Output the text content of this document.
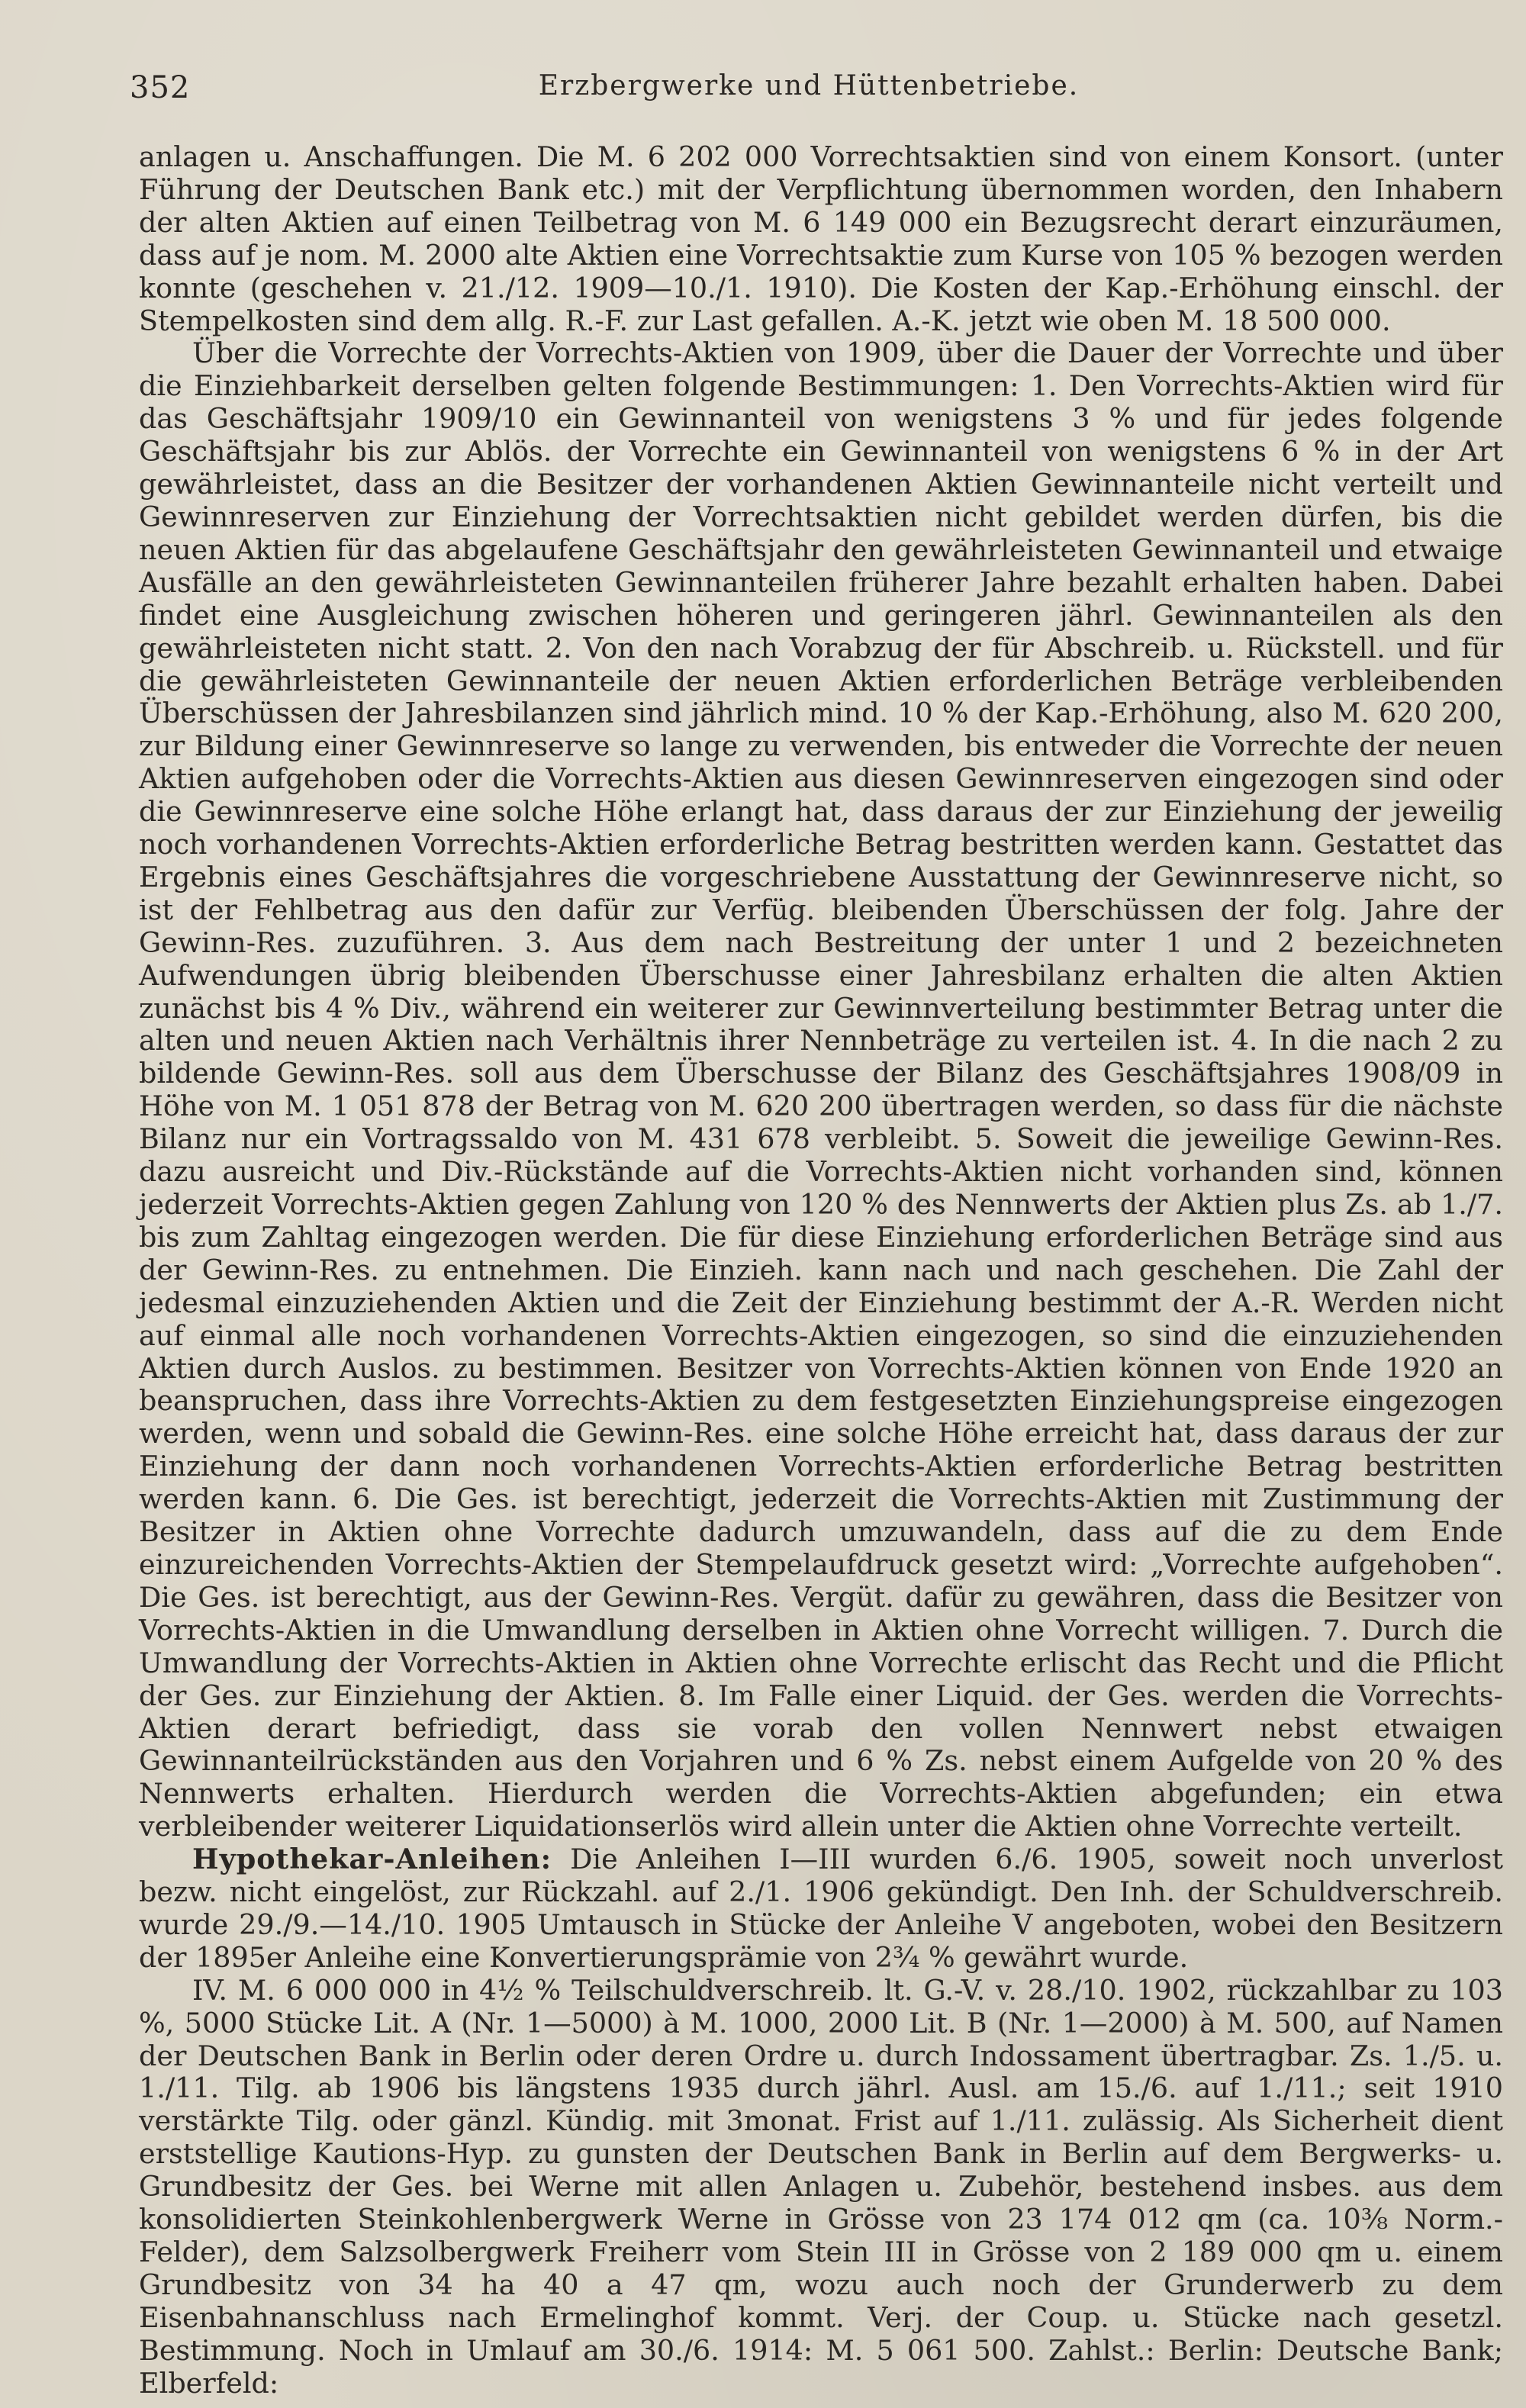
352	Erzbergwerke und Hüttenbetriebe.

anlagen u. Anschaffungen. Die M. 6 202 000 Vorrechtsaktien sind von einem Konsort. (unter Führung der Deutschen Bank etc.) mit der Verpflichtung übernommen worden, den Inhabern der alten Aktien auf einen Teilbetrag von M. 6 149 000 ein Bezugsrecht derart einzuräumen, dass auf je nom. M. 2000 alte Aktien eine Vorrechtsaktie zum Kurse von 105 % bezogen werden konnte (geschehen v. 21./12. 1909—10./1. 1910). Die Kosten der Kap.-Erhöhung einschl. der Stempelkosten sind dem allg. R.-F. zur Last gefallen. A.-K. jetzt wie oben M. 18 500 000.

Über die Vorrechte der Vorrechts-Aktien von 1909, über die Dauer der Vorrechte und über die Einziehbarkeit derselben gelten folgende Bestimmungen: 1. Den Vorrechts-Aktien wird für das Geschäftsjahr 1909/10 ein Gewinnanteil von wenigstens 3 % und für jedes folgende Geschäftsjahr bis zur Ablös. der Vorrechte ein Gewinnanteil von wenigstens 6 % in der Art gewährleistet, dass an die Besitzer der vorhandenen Aktien Gewinnanteile nicht verteilt und Gewinnreserven zur Einziehung der Vorrechtsaktien nicht gebildet werden dürfen, bis die neuen Aktien für das abgelaufene Geschäftsjahr den gewährleisteten Gewinnanteil und etwaige Ausfälle an den gewährleisteten Gewinnanteilen früherer Jahre bezahlt erhalten haben. Dabei findet eine Ausgleichung zwischen höheren und geringeren jährl. Gewinnanteilen als den gewährleisteten nicht statt. 2. Von den nach Vorabzug der für Abschreib. u. Rückstell. und für die gewährleisteten Gewinnanteile der neuen Aktien erforderlichen Beträge verbleibenden Überschüssen der Jahresbilanzen sind jährlich mind. 10 % der Kap.-Erhöhung, also M. 620 200, zur Bildung einer Gewinnreserve so lange zu verwenden, bis entweder die Vorrechte der neuen Aktien aufgehoben oder die Vorrechts-Aktien aus diesen Gewinnreserven eingezogen sind oder die Gewinnreserve eine solche Höhe erlangt hat, dass daraus der zur Einziehung der jeweilig noch vorhandenen Vorrechts-Aktien erforderliche Betrag bestritten werden kann. Gestattet das Ergebnis eines Geschäftsjahres die vorgeschriebene Ausstattung der Gewinnreserve nicht, so ist der Fehlbetrag aus den dafür zur Verfüg. bleibenden Überschüssen der folg. Jahre der Gewinn-Res. zuzuführen. 3. Aus dem nach Bestreitung der unter 1 und 2 bezeichneten Aufwendungen übrig bleibenden Überschusse einer Jahresbilanz erhalten die alten Aktien zunächst bis 4 % Div., während ein weiterer zur Gewinnverteilung bestimmter Betrag unter die alten und neuen Aktien nach Verhältnis ihrer Nennbeträge zu verteilen ist. 4. In die nach 2 zu bildende Gewinn-Res. soll aus dem Überschusse der Bilanz des Geschäftsjahres 1908/09 in Höhe von M. 1 051 878 der Betrag von M. 620 200 übertragen werden, so dass für die nächste Bilanz nur ein Vortragssaldo von M. 431 678 verbleibt. 5. Soweit die jeweilige Gewinn-Res. dazu ausreicht und Div.-Rückstände auf die Vorrechts-Aktien nicht vorhanden sind, können jederzeit Vorrechts-Aktien gegen Zahlung von 120 % des Nennwerts der Aktien plus Zs. ab 1./7. bis zum Zahltag eingezogen werden. Die für diese Einziehung erforderlichen Beträge sind aus der Gewinn-Res. zu entnehmen. Die Einzieh. kann nach und nach geschehen. Die Zahl der jedesmal einzuziehenden Aktien und die Zeit der Einziehung bestimmt der A.-R. Werden nicht auf einmal alle noch vorhandenen Vorrechts-Aktien eingezogen, so sind die einzuziehenden Aktien durch Auslos. zu bestimmen. Besitzer von Vorrechts-Aktien können von Ende 1920 an beanspruchen, dass ihre Vorrechts-Aktien zu dem festgesetzten Einziehungspreise eingezogen werden, wenn und sobald die Gewinn-Res. eine solche Höhe erreicht hat, dass daraus der zur Einziehung der dann noch vorhandenen Vorrechts-Aktien erforderliche Betrag bestritten werden kann. 6. Die Ges. ist berechtigt, jederzeit die Vorrechts-Aktien mit Zustimmung der Besitzer in Aktien ohne Vorrechte dadurch umzuwandeln, dass auf die zu dem Ende einzureichenden Vorrechts-Aktien der Stempelaufdruck gesetzt wird: „Vorrechte aufgehoben“. Die Ges. ist berechtigt, aus der Gewinn-Res. Vergüt. dafür zu gewähren, dass die Besitzer von Vorrechts-Aktien in die Umwandlung derselben in Aktien ohne Vorrecht willigen. 7. Durch die Umwandlung der Vorrechts-Aktien in Aktien ohne Vorrechte erlischt das Recht und die Pflicht der Ges. zur Einziehung der Aktien. 8. Im Falle einer Liquid. der Ges. werden die Vorrechts-Aktien derart befriedigt, dass sie vorab den vollen Nennwert nebst etwaigen Gewinnanteilrückständen aus den Vorjahren und 6 % Zs. nebst einem Aufgelde von 20 % des Nennwerts erhalten. Hierdurch werden die Vorrechts-Aktien abgefunden; ein etwa verbleibender weiterer Liquidationserlös wird allein unter die Aktien ohne Vorrechte verteilt.

Hypothekar-Anleihen: Die Anleihen I—III wurden 6./6. 1905, soweit noch unverlost bezw. nicht eingelöst, zur Rückzahl. auf 2./1. 1906 gekündigt. Den Inh. der Schuldverschreib. wurde 29./9.—14./10. 1905 Umtausch in Stücke der Anleihe V angeboten, wobei den Besitzern der 1895er Anleihe eine Konvertierungsprämie von 2³⁄₄ % gewährt wurde.

IV. M. 6 000 000 in 4½ % Teilschuldverschreib. lt. G.-V. v. 28./10. 1902, rückzahlbar zu 103 %, 5000 Stücke Lit. A (Nr. 1—5000) à M. 1000, 2000 Lit. B (Nr. 1—2000) à M. 500, auf Namen der Deutschen Bank in Berlin oder deren Ordre u. durch Indossament übertragbar. Zs. 1./5. u. 1./11. Tilg. ab 1906 bis längstens 1935 durch jährl. Ausl. am 15./6. auf 1./11.; seit 1910 verstärkte Tilg. oder gänzl. Kündig. mit 3monat. Frist auf 1./11. zulässig. Als Sicherheit dient erststellige Kautions-Hyp. zu gunsten der Deutschen Bank in Berlin auf dem Bergwerks- u. Grundbesitz der Ges. bei Werne mit allen Anlagen u. Zubehör, bestehend insbes. aus dem konsolidierten Steinkohlenbergwerk Werne in Grösse von 23 174 012 qm (ca. 10³⁄₈ Norm.-Felder), dem Salzsolbergwerk Freiherr vom Stein III in Grösse von 2 189 000 qm u. einem Grundbesitz von 34 ha 40 a 47 qm, wozu auch noch der Grunderwerb zu dem Eisenbahnanschluss nach Ermelinghof kommt. Verj. der Coup. u. Stücke nach gesetzl. Bestimmung. Noch in Umlauf am 30./6. 1914: M. 5 061 500. Zahlst.: Berlin: Deutsche Bank; Elberfeld:
